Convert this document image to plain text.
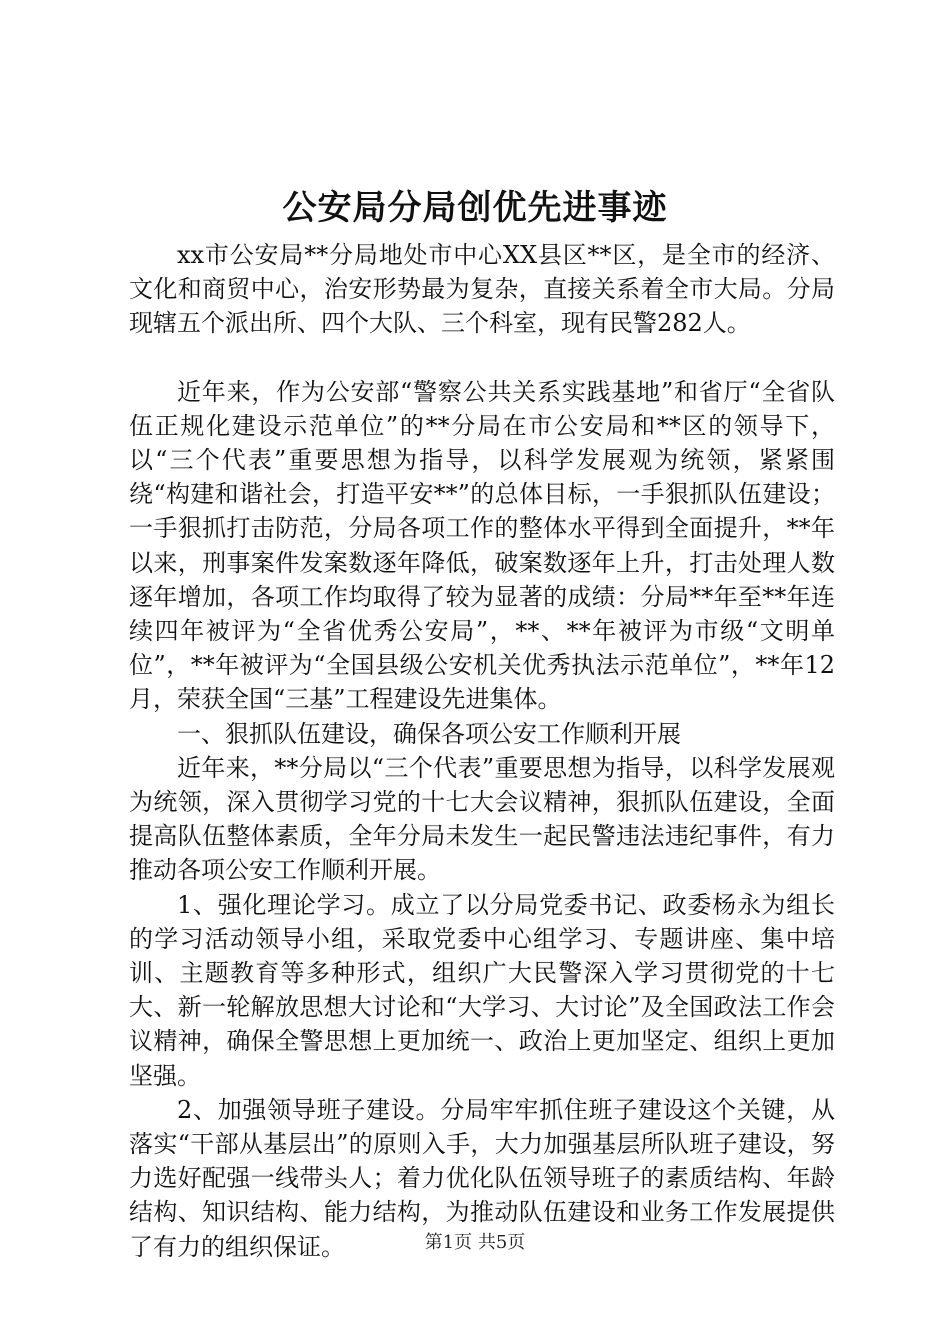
公安局分局创优先进事迹

xx市公安局**分局地处市中心XX县区**区，是全市的经济、文化和商贸中心，治安形势最为复杂，直接关系着全市大局。分局现辖五个派出所、四个大队、三个科室，现有民警282人。

近年来，作为公安部“警察公共关系实践基地”和省厅“全省队伍正规化建设示范单位”的**分局在市公安局和**区的领导下，以“三个代表”重要思想为指导，以科学发展观为统领，紧紧围绕“构建和谐社会，打造平安**”的总体目标，一手狠抓队伍建设；一手狠抓打击防范，分局各项工作的整体水平得到全面提升，**年以来，刑事案件发案数逐年降低，破案数逐年上升，打击处理人数逐年增加，各项工作均取得了较为显著的成绩：分局**年至**年连续四年被评为“全省优秀公安局”，**、**年被评为市级“文明单位”，**年被评为“全国县级公安机关优秀执法示范单位”，**年12月，荣获全国“三基”工程建设先进集体。

一、狠抓队伍建设，确保各项公安工作顺利开展

近年来，**分局以“三个代表”重要思想为指导，以科学发展观为统领，深入贯彻学习党的十七大会议精神，狠抓队伍建设，全面提高队伍整体素质，全年分局未发生一起民警违法违纪事件，有力推动各项公安工作顺利开展。

1、强化理论学习。成立了以分局党委书记、政委杨永为组长的学习活动领导小组，采取党委中心组学习、专题讲座、集中培训、主题教育等多种形式，组织广大民警深入学习贯彻党的十七大、新一轮解放思想大讨论和“大学习、大讨论”及全国政法工作会议精神，确保全警思想上更加统一、政治上更加坚定、组织上更加坚强。

2、加强领导班子建设。分局牢牢抓住班子建设这个关键，从落实“干部从基层出”的原则入手，大力加强基层所队班子建设，努力选好配强一线带头人；着力优化队伍领导班子的素质结构、年龄结构、知识结构、能力结构，为推动队伍建设和业务工作发展提供了有力的组织保证。	第1页 共5页
